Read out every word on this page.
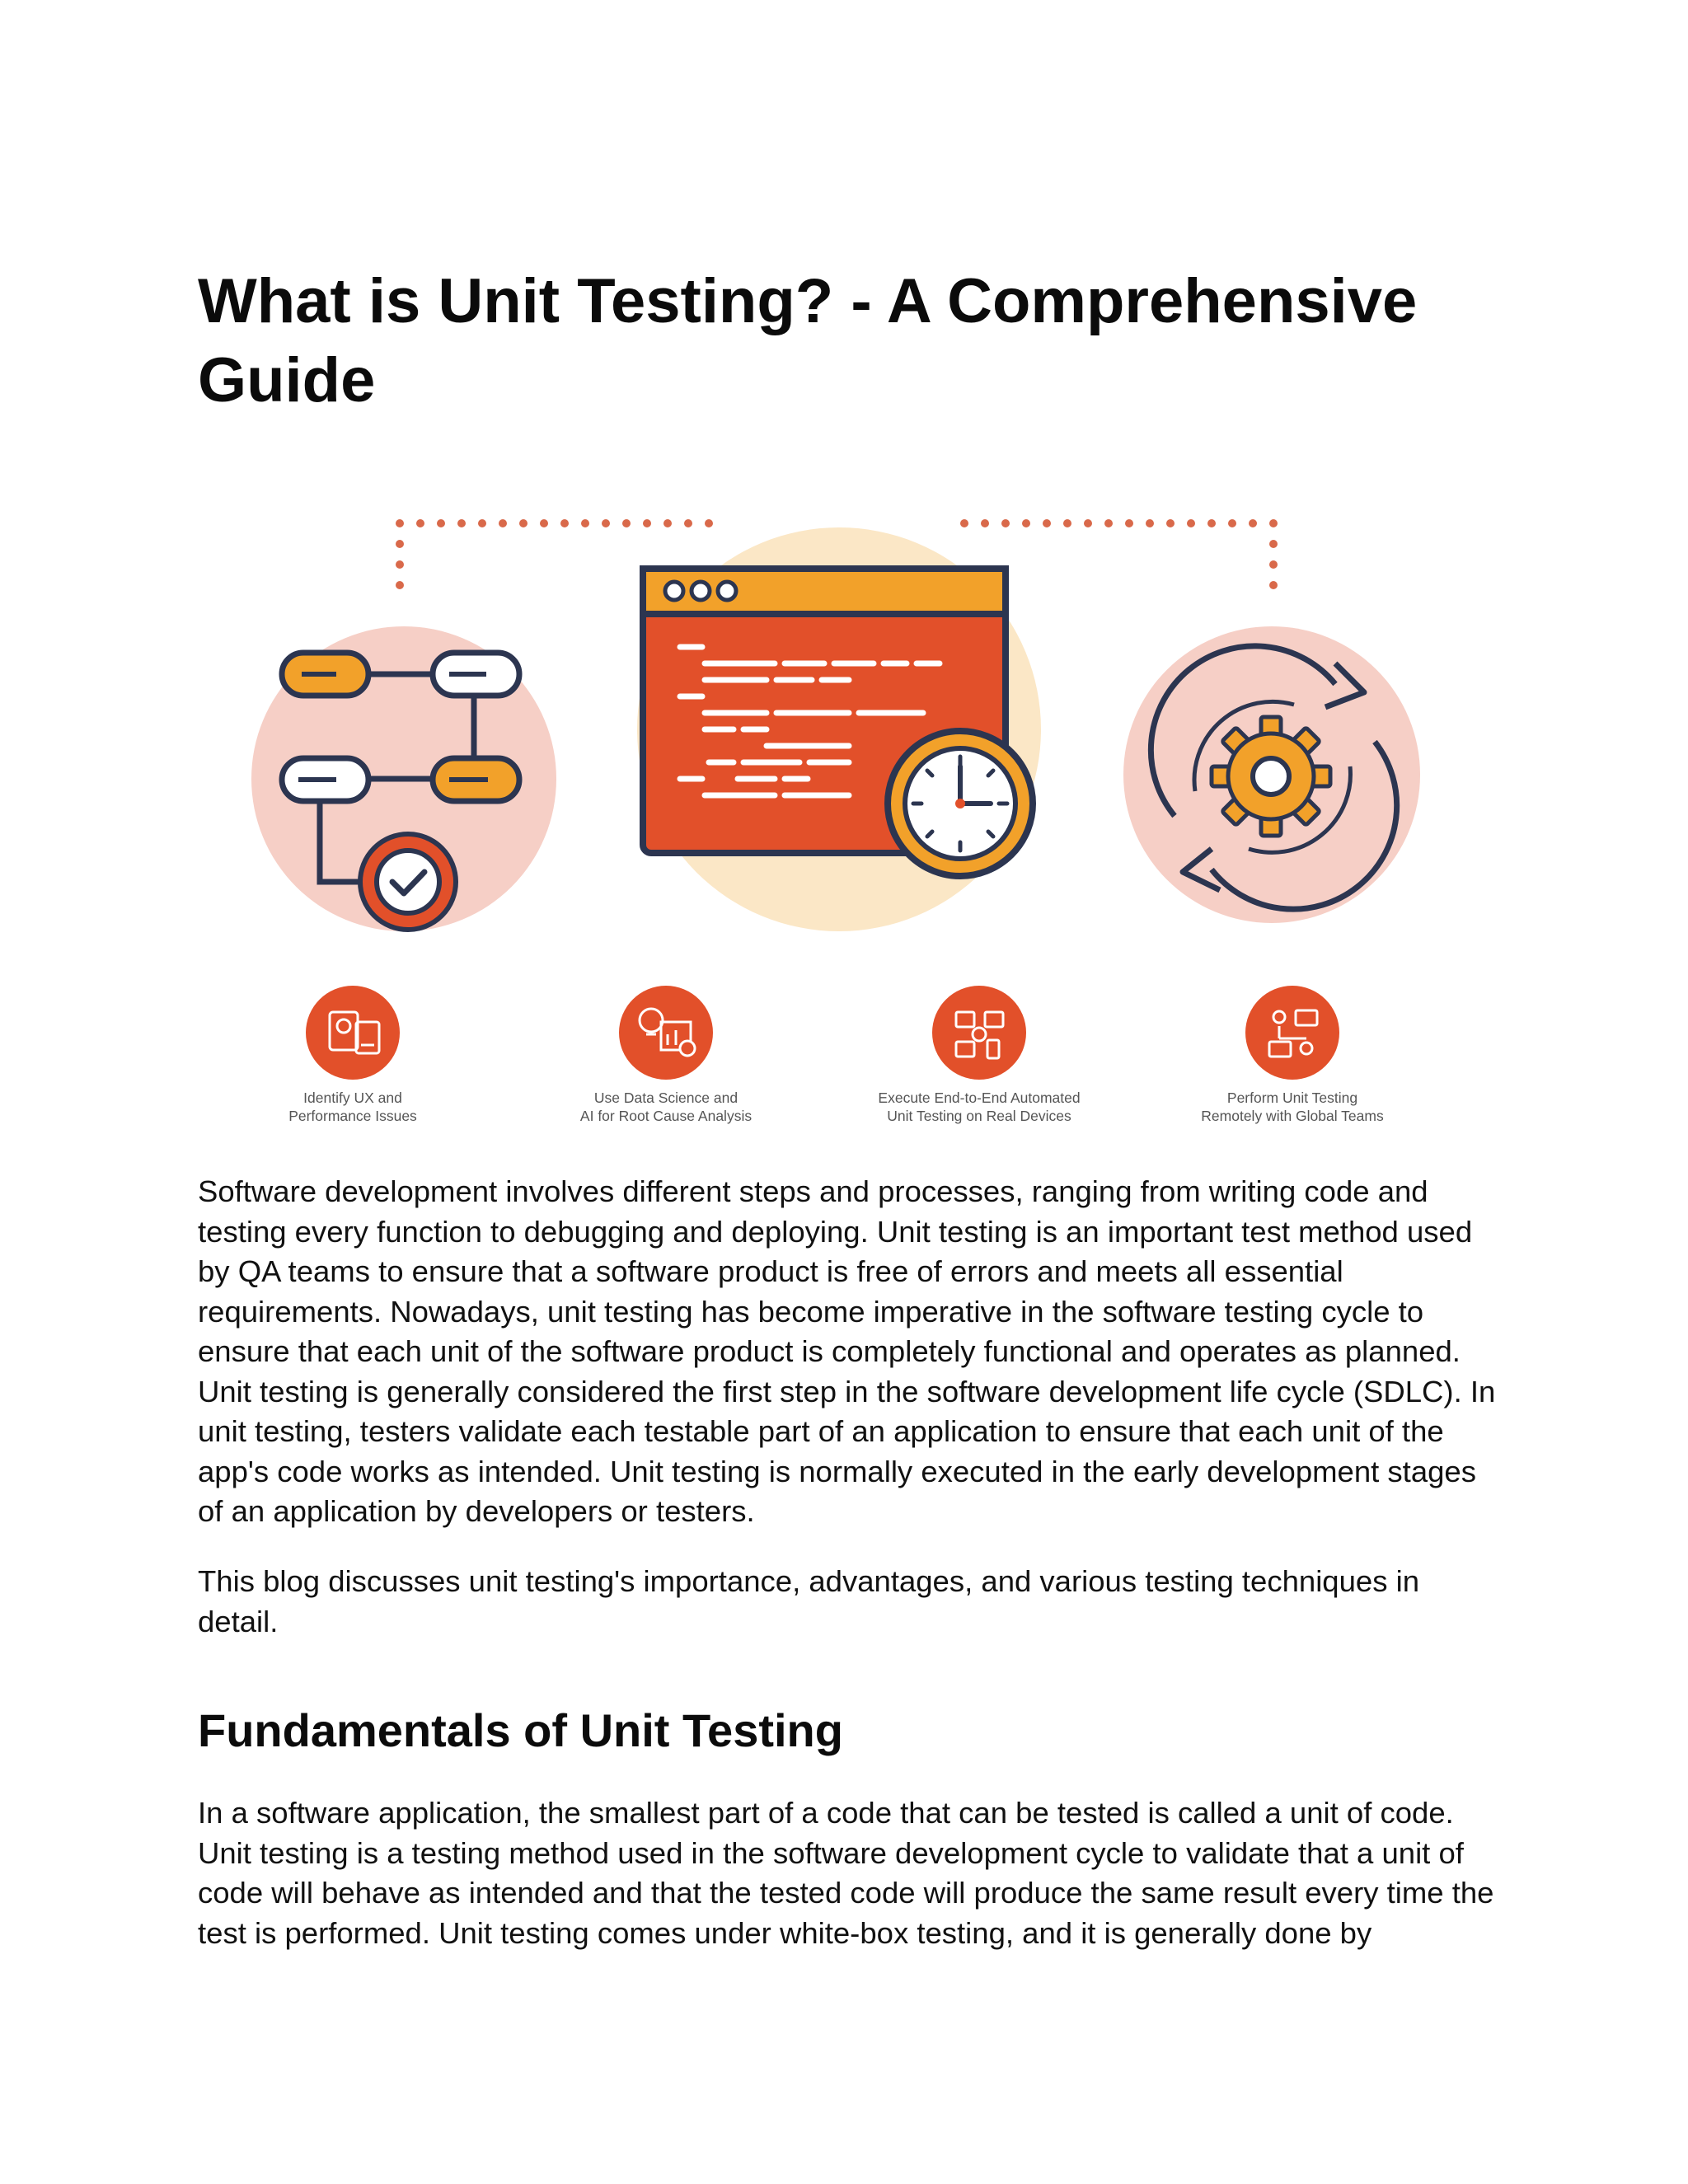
What is Unit Testing? - A Comprehensive Guide
Identify UX and
Performance Issues
Use Data Science and
AI for Root Cause Analysis
Execute End-to-End Automated
Unit Testing on Real Devices
Perform Unit Testing
Remotely with Global Teams

Software development involves different steps and processes, ranging from writing code and testing every function to debugging and deploying. Unit testing is an important test method used by QA teams to ensure that a software product is free of errors and meets all essential requirements. Nowadays, unit testing has become imperative in the software testing cycle to ensure that each unit of the software product is completely functional and operates as planned. Unit testing is generally considered the first step in the software development life cycle (SDLC). In unit testing, testers validate each testable part of an application to ensure that each unit of the app's code works as intended. Unit testing is normally executed in the early development stages of an application by developers or testers.

This blog discusses unit testing's importance, advantages, and various testing techniques in detail.

Fundamentals of Unit Testing

In a software application, the smallest part of a code that can be tested is called a unit of code. Unit testing is a testing method used in the software development cycle to validate that a unit of code will behave as intended and that the tested code will produce the same result every time the test is performed. Unit testing comes under white-box testing, and it is generally done by
